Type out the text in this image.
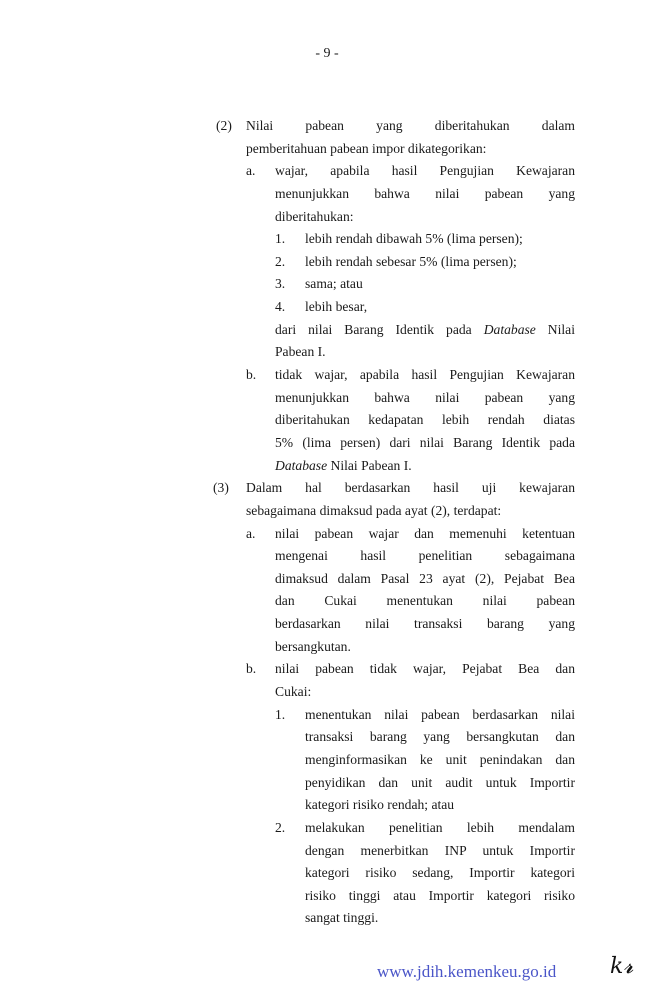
- 9 -
(2) Nilai pabean yang diberitahukan dalam
pemberitahuan pabean impor dikategorikan:
a. wajar, apabila hasil Pengujian Kewajaran
menunjukkan bahwa nilai pabean yang
diberitahukan:
1. lebih rendah dibawah 5% (lima persen);
2. lebih rendah sebesar 5% (lima persen);
3. sama; atau
4. lebih besar,
dari nilai Barang Identik pada Database Nilai
Pabean I.
b. tidak wajar, apabila hasil Pengujian Kewajaran
menunjukkan bahwa nilai pabean yang
diberitahukan kedapatan lebih rendah diatas
5% (lima persen) dari nilai Barang Identik pada
Database Nilai Pabean I.
(3) Dalam hal berdasarkan hasil uji kewajaran
sebagaimana dimaksud pada ayat (2), terdapat:
a. nilai pabean wajar dan memenuhi ketentuan
mengenai hasil penelitian sebagaimana
dimaksud dalam Pasal 23 ayat (2), Pejabat Bea
dan Cukai menentukan nilai pabean
berdasarkan nilai transaksi barang yang
bersangkutan.
b. nilai pabean tidak wajar, Pejabat Bea dan
Cukai:
1. menentukan nilai pabean berdasarkan nilai
transaksi barang yang bersangkutan dan
menginformasikan ke unit penindakan dan
penyidikan dan unit audit untuk Importir
kategori risiko rendah; atau
2. melakukan penelitian lebih mendalam
dengan menerbitkan INP untuk Importir
kategori risiko sedang, Importir kategori
risiko tinggi atau Importir kategori risiko
sangat tinggi.
www.jdih.kemenkeu.go.id k𝓻
